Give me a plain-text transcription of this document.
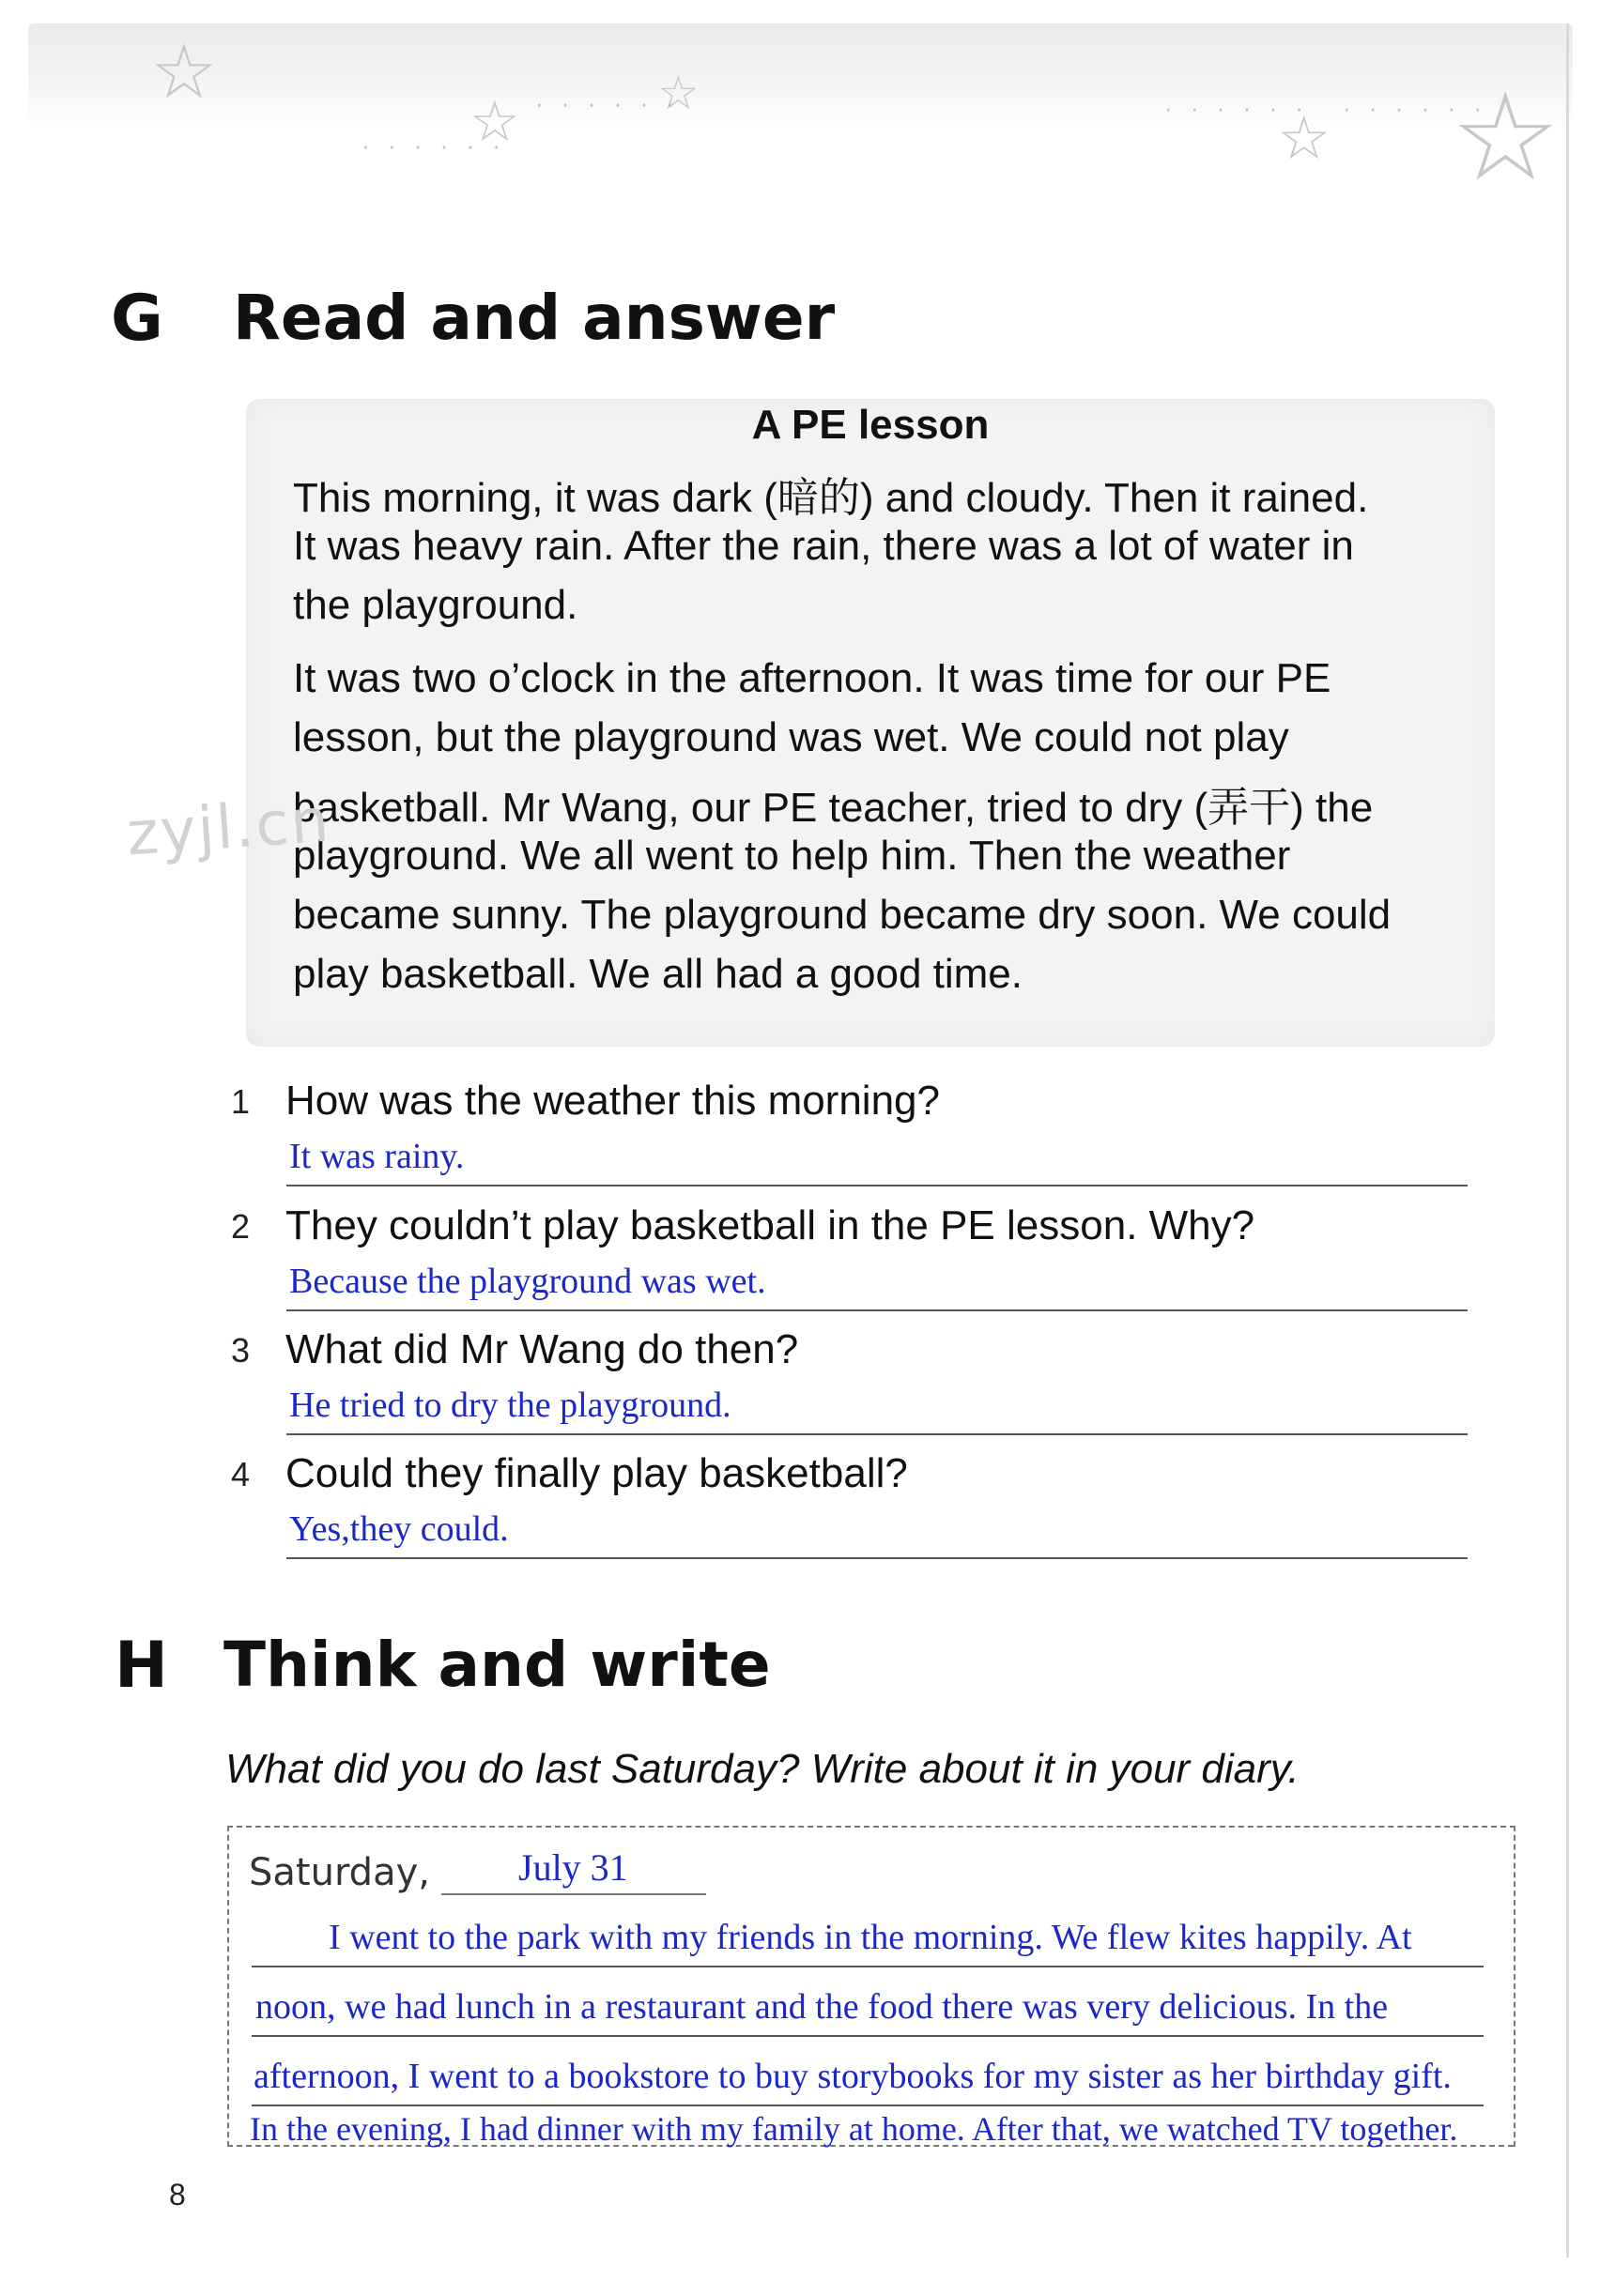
☆
☆	☆
☆ ☆
· · · · · ·
· · · · · ·	· · · · · · · · · · · ·
G Read and answer
A PE lesson
This morning, it was dark (暗的) and cloudy. Then it rained.
It was heavy rain. After the rain, there was a lot of water in
the playground.
It was two o’clock in the afternoon. It was time for our PE
lesson, but the playground was wet. We could not play
basketball. Mr Wang, our PE teacher, tried to dry (弄干) the
playground. We all went to help him. Then the weather
became sunny. The playground became dry soon. We could
play basketball. We all had a good time.
zyjl.cn
1 How was the weather this morning?
It was rainy.
2 They couldn’t play basketball in the PE lesson. Why?
Because the playground was wet.
3 What did Mr Wang do then?
He tried to dry the playground.
4 Could they finally play basketball?
Yes,they could.
H Think and write
What did you do last Saturday? Write about it in your diary.
Saturday, July 31
I went to the park with my friends in the morning. We flew kites happily. At
noon, we had lunch in a restaurant and the food there was very delicious. In the
afternoon, I went to a bookstore to buy storybooks for my sister as her birthday gift.
In the evening, I had dinner with my family at home. After that, we watched TV together.
8
